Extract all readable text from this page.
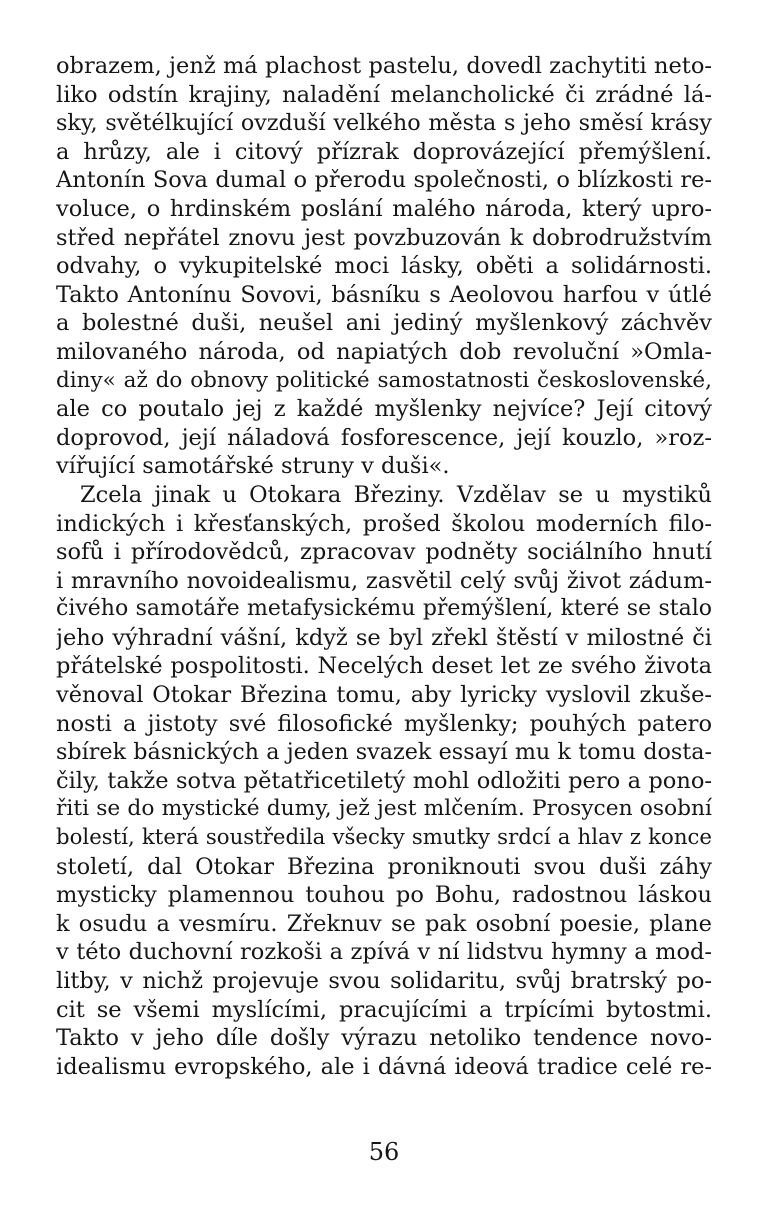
obrazem, jenž má plachost pastelu, dovedl zachytiti neto-
liko odstín krajiny, naladění melancholické či zrádné lá-
sky, světélkující ovzduší velkého města s jeho směsí krásy
a hrůzy, ale i citový přízrak doprovázející přemýšlení.
Antonín Sova dumal o přerodu společnosti, o blízkosti re-
voluce, o hrdinském poslání malého národa, který upro-
střed nepřátel znovu jest povzbuzován k dobrodružstvím
odvahy, o vykupitelské moci lásky, oběti a solidárnosti.
Takto Antonínu Sovovi, básníku s Aeolovou harfou v útlé
a bolestné duši, neušel ani jediný myšlenkový záchvěv
milovaného národa, od napiatých dob revoluční »Omla-
diny« až do obnovy politické samostatnosti československé,
ale co poutalo jej z každé myšlenky nejvíce? Její citový
doprovod, její náladová fosforescence, její kouzlo, »roz-
vířující samotářské struny v duši«.
Zcela jinak u Otokara Březiny. Vzdělav se u mystiků
indických i křesťanských, prošed školou moderních filo-
sofů i přírodovědců, zpracovav podněty sociálního hnutí
i mravního novoidealismu, zasvětil celý svůj život zádum-
čivého samotáře metafysickému přemýšlení, které se stalo
jeho výhradní vášní, když se byl zřekl štěstí v milostné či
přátelské pospolitosti. Necelých deset let ze svého života
věnoval Otokar Březina tomu, aby lyricky vyslovil zkuše-
nosti a jistoty své filosofické myšlenky; pouhých patero
sbírek básnických a jeden svazek essayí mu k tomu dosta-
čily, takže sotva pětatřicetiletý mohl odložiti pero a pono-
řiti se do mystické dumy, jež jest mlčením. Prosycen osobní
bolestí, která soustředila všecky smutky srdcí a hlav z konce
století, dal Otokar Březina proniknouti svou duši záhy
mysticky plamennou touhou po Bohu, radostnou láskou
k osudu a vesmíru. Zřeknuv se pak osobní poesie, plane
v této duchovní rozkoši a zpívá v ní lidstvu hymny a mod-
litby, v nichž projevuje svou solidaritu, svůj bratrský po-
cit se všemi myslícími, pracujícími a trpícími bytostmi.
Takto v jeho díle došly výrazu netoliko tendence novo-
idealismu evropského, ale i dávná ideová tradice celé re-
56
